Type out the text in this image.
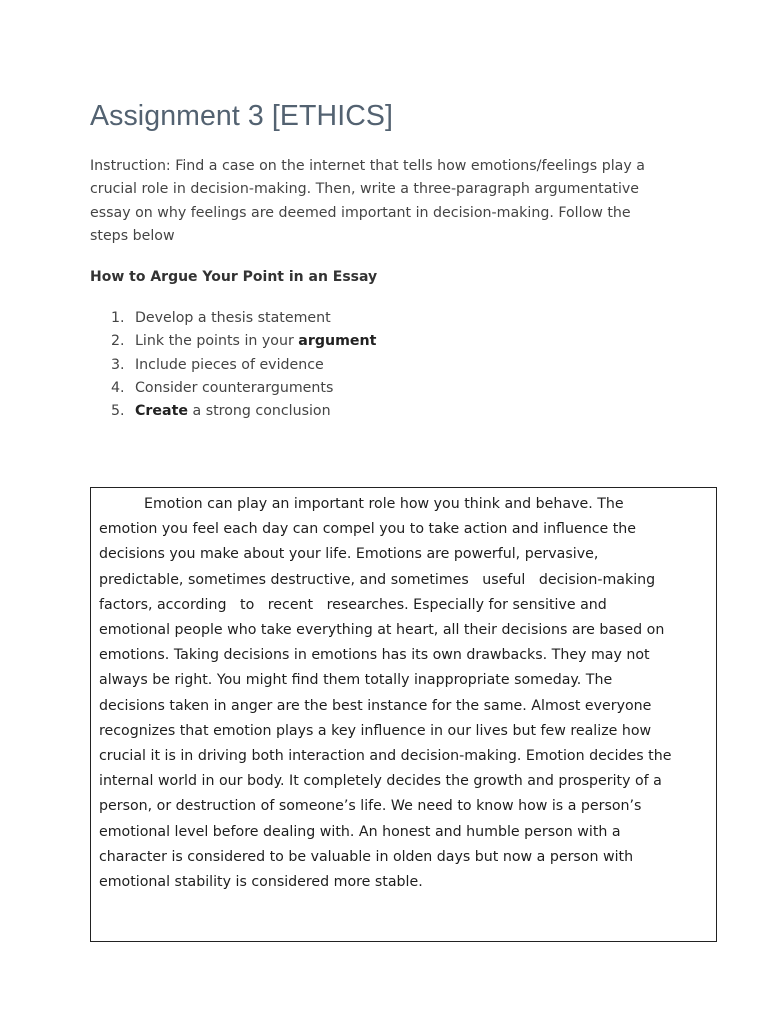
Assignment 3 [ETHICS]

Instruction: Find a case on the internet that tells how emotions/feelings play a
crucial role in decision-making. Then, write a three-paragraph argumentative
essay on why feelings are deemed important in decision-making. Follow the
steps below

How to Argue Your Point in an Essay
1. Develop a thesis statement
2. Link the points in your argument
3. Include pieces of evidence
4. Consider counterarguments
5. Create a strong conclusion

Emotion can play an important role how you think and behave. The
emotion you feel each day can compel you to take action and influence the
decisions you make about your life. Emotions are powerful, pervasive,
predictable, sometimes destructive, and sometimes   useful   decision-making
factors, according   to   recent   researches. Especially for sensitive and
emotional people who take everything at heart, all their decisions are based on
emotions. Taking decisions in emotions has its own drawbacks. They may not
always be right. You might find them totally inappropriate someday. The
decisions taken in anger are the best instance for the same. Almost everyone
recognizes that emotion plays a key influence in our lives but few realize how
crucial it is in driving both interaction and decision-making. Emotion decides the
internal world in our body. It completely decides the growth and prosperity of a
person, or destruction of someone’s life. We need to know how is a person’s
emotional level before dealing with. An honest and humble person with a
character is considered to be valuable in olden days but now a person with
emotional stability is considered more stable.
